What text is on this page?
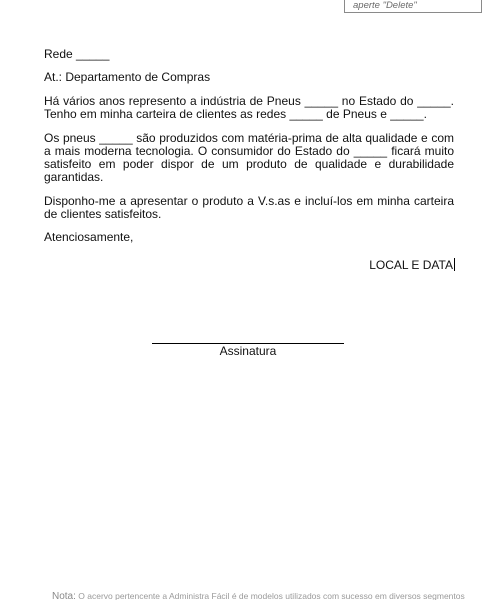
aperte "Delete"

Rede _____

At.: Departamento de Compras

Há vários anos represento a indústria de Pneus _____ no Estado do _____. Tenho em minha carteira de clientes as redes _____ de Pneus e _____.

Os pneus _____ são produzidos com matéria-prima de alta qualidade e com a mais moderna tecnologia. O consumidor do Estado do _____ ficará muito satisfeito em poder dispor de um produto de qualidade e durabilidade garantidas.

Disponho-me a apresentar o produto a V.s.as e incluí-los em minha carteira de clientes satisfeitos.

Atenciosamente,

LOCAL E DATA
Assinatura
Nota: O acervo pertencente a Administra Fácil é de modelos utilizados com sucesso em diversos segmentos
